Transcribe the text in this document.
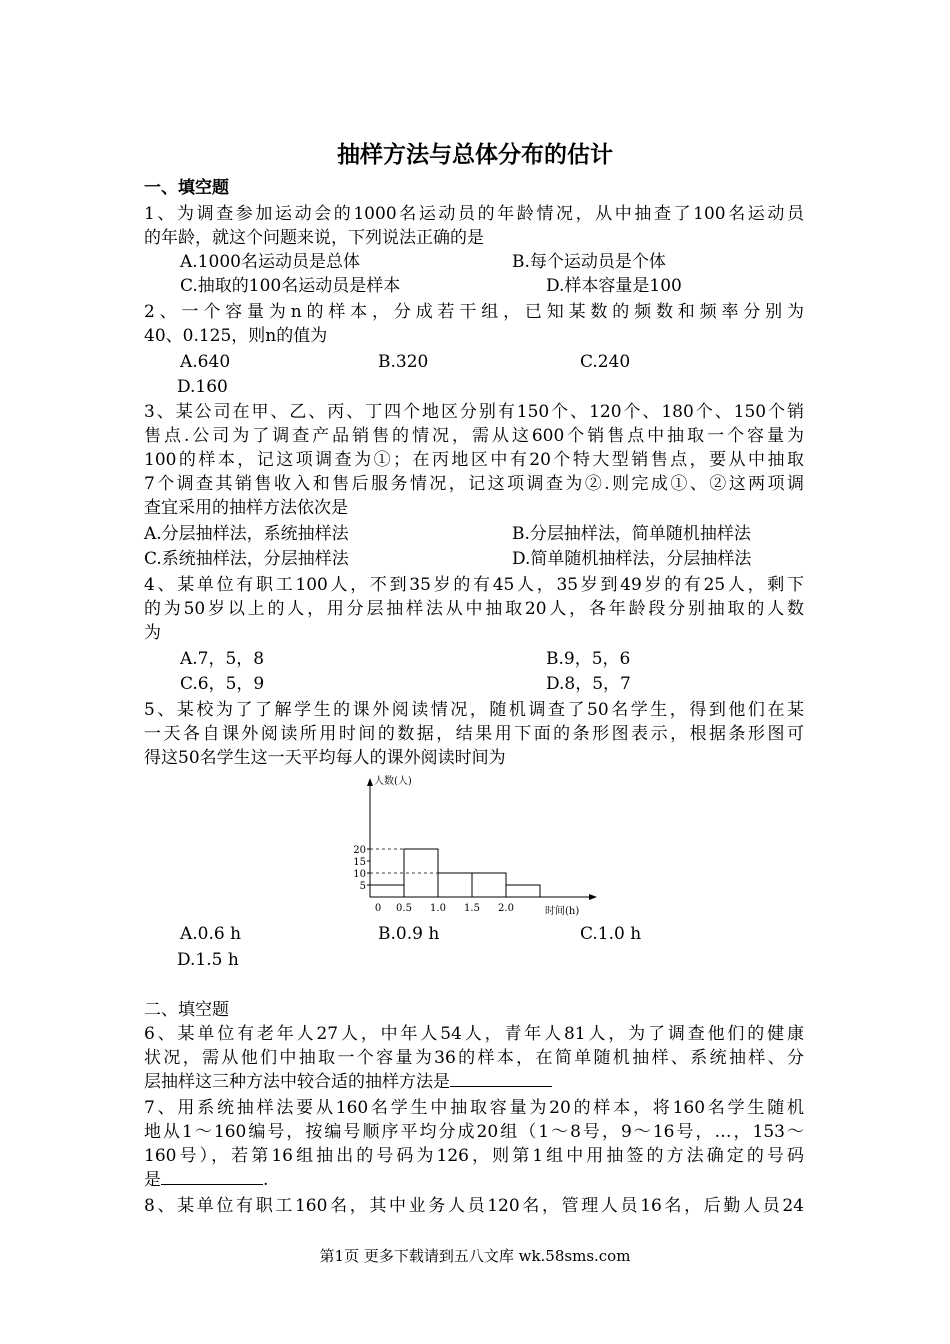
抽样方法与总体分布的估计
一、填空题
1、为调查参加运动会的1000名运动员的年龄情况，从中抽查了100名运动员
的年龄，就这个问题来说，下列说法正确的是
A.1000名运动员是总体	B.每个运动员是个体
C.抽取的100名运动员是样本	D.样本容量是100
2、一个容量为n的样本，分成若干组，已知某数的频数和频率分别为
40、0.125，则n的值为
A.640	B.320	C.240
D.160
3、某公司在甲、乙、丙、丁四个地区分别有150个、120个、180个、150个销
售点.公司为了调查产品销售的情况，需从这600个销售点中抽取一个容量为
100的样本，记这项调查为①；在丙地区中有20个特大型销售点，要从中抽取
7个调查其销售收入和售后服务情况，记这项调查为②.则完成①、②这两项调
查宜采用的抽样方法依次是
A.分层抽样法，系统抽样法	B.分层抽样法，简单随机抽样法
C.系统抽样法，分层抽样法	D.简单随机抽样法，分层抽样法
4、某单位有职工100人，不到35岁的有45人，35岁到49岁的有25人，剩下
的为50岁以上的人，用分层抽样法从中抽取20人，各年龄段分别抽取的人数
为
A.7，5，8	B.9，5，6
C.6，5，9	D.8，5，7
5、某校为了了解学生的课外阅读情况，随机调查了50名学生，得到他们在某
一天各自课外阅读所用时间的数据，结果用下面的条形图表示，根据条形图可
得这50名学生这一天平均每人的课外阅读时间为
人数(人)
时间(h)
5
10
15
20
0 0.5 1.0 1.5 2.0
A.0.6 h	B.0.9 h	C.1.0 h
D.1.5 h
二、填空题
6、某单位有老年人27人，中年人54人，青年人81人，为了调查他们的健康
状况，需从他们中抽取一个容量为36的样本，在简单随机抽样、系统抽样、分
层抽样这三种方法中较合适的抽样方法是
7、用系统抽样法要从160名学生中抽取容量为20的样本，将160名学生随机
地从1～160编号，按编号顺序平均分成20组（1～8号，9～16号，…，153～
160号），若第16组抽出的号码为126，则第1组中用抽签的方法确定的号码
是	.
8、某单位有职工160名，其中业务人员120名，管理人员16名，后勤人员24
第1页 更多下载请到五八文库 wk.58sms.com
